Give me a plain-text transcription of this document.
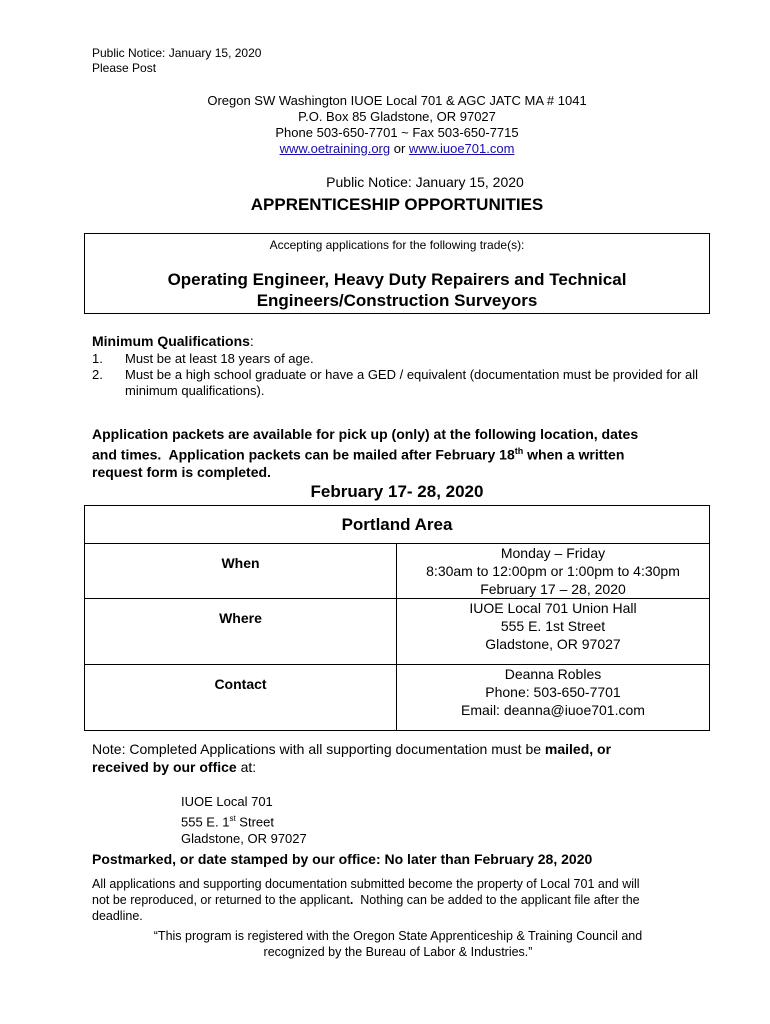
Public Notice: January 15, 2020
Please Post
Oregon SW Washington IUOE Local 701 & AGC JATC MA # 1041
P.O. Box 85 Gladstone, OR 97027
Phone 503-650-7701 ~ Fax 503-650-7715
www.oetraining.org or www.iuoe701.com
Public Notice: January 15, 2020
APPRENTICESHIP OPPORTUNITIES
Accepting applications for the following trade(s):
Operating Engineer, Heavy Duty Repairers and Technical
Engineers/Construction Surveyors
Minimum Qualifications:
1. Must be at least 18 years of age.
2. Must be a high school graduate or have a GED / equivalent (documentation must be provided for all minimum qualifications).
Application packets are available for pick up (only) at the following location, dates
and times.  Application packets can be mailed after February 18th when a written
request form is completed.
February 17- 28, 2020
Portland Area	
When	Monday – Friday
8:30am to 12:00pm or 1:00pm to 4:30pm
February 17 – 28, 2020

Where	IUOE Local 701 Union Hall
555 E. 1st Street
Gladstone, OR 97027

Contact	Deanna Robles
Phone: 503-650-7701
Email: deanna@iuoe701.com
Note: Completed Applications with all supporting documentation must be mailed, or
received by our office at:
IUOE Local 701
555 E. 1st Street
Gladstone, OR 97027
Postmarked, or date stamped by our office: No later than February 28, 2020
All applications and supporting documentation submitted become the property of Local 701 and will
not be reproduced, or returned to the applicant.  Nothing can be added to the applicant file after the
deadline.
“This program is registered with the Oregon State Apprenticeship & Training Council and
recognized by the Bureau of Labor & Industries.”
